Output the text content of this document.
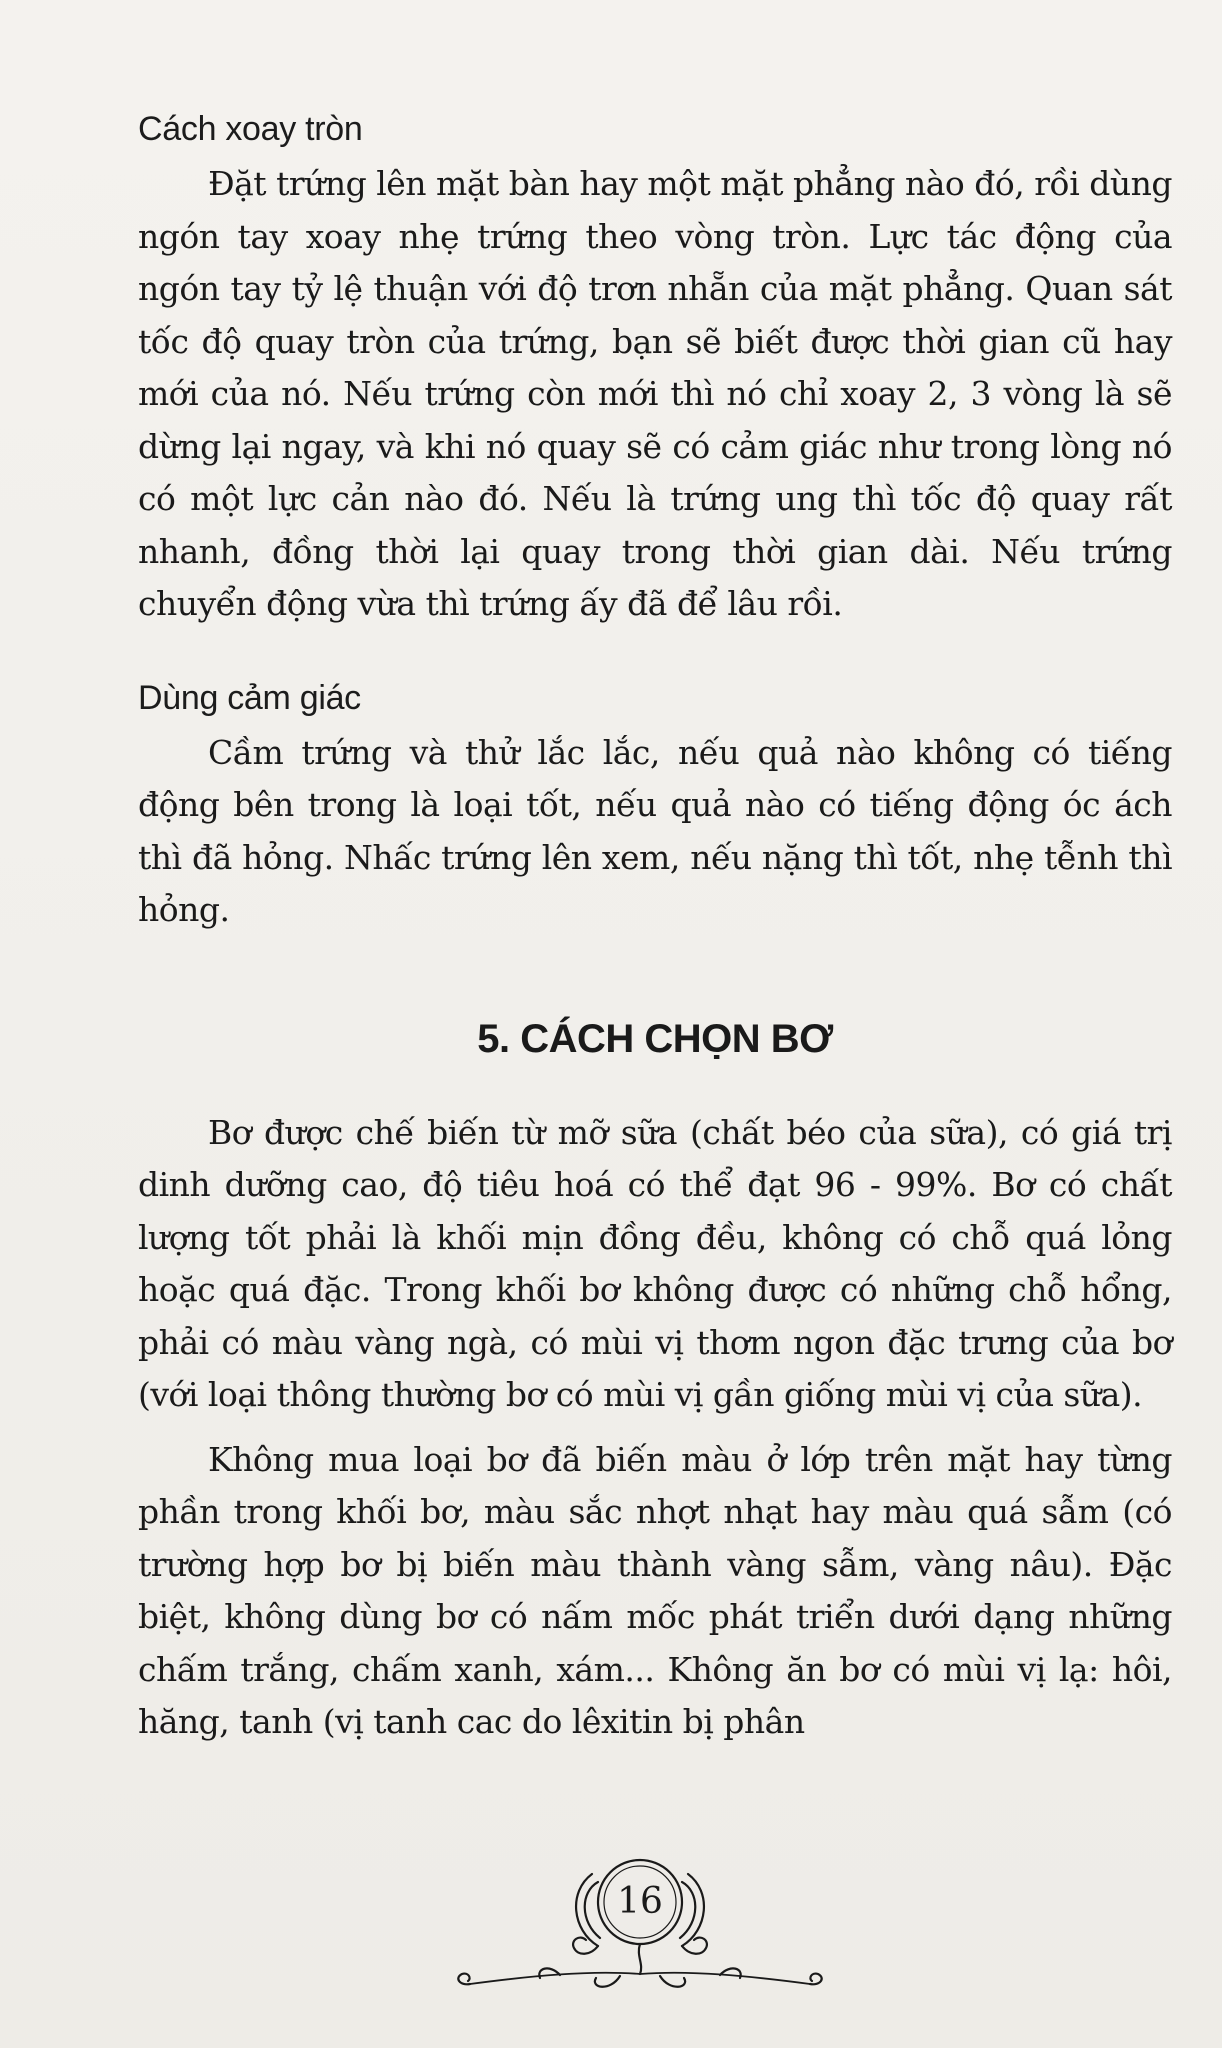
Cách xoay tròn

Đặt trứng lên mặt bàn hay một mặt phẳng nào đó, rồi dùng ngón tay xoay nhẹ trứng theo vòng tròn. Lực tác động của ngón tay tỷ lệ thuận với độ trơn nhẵn của mặt phẳng. Quan sát tốc độ quay tròn của trứng, bạn sẽ biết được thời gian cũ hay mới của nó. Nếu trứng còn mới thì nó chỉ xoay 2, 3 vòng là sẽ dừng lại ngay, và khi nó quay sẽ có cảm giác như trong lòng nó có một lực cản nào đó. Nếu là trứng ung thì tốc độ quay rất nhanh, đồng thời lại quay trong thời gian dài. Nếu trứng chuyển động vừa thì trứng ấy đã để lâu rồi.

Dùng cảm giác

Cầm trứng và thử lắc lắc, nếu quả nào không có tiếng động bên trong là loại tốt, nếu quả nào có tiếng động óc ách thì đã hỏng. Nhấc trứng lên xem, nếu nặng thì tốt, nhẹ tễnh thì hỏng.

5. CÁCH CHỌN BƠ

Bơ được chế biến từ mỡ sữa (chất béo của sữa), có giá trị dinh dưỡng cao, độ tiêu hoá có thể đạt 96 - 99%. Bơ có chất lượng tốt phải là khối mịn đồng đều, không có chỗ quá lỏng hoặc quá đặc. Trong khối bơ không được có những chỗ hổng, phải có màu vàng ngà, có mùi vị thơm ngon đặc trưng của bơ (với loại thông thường bơ có mùi vị gần giống mùi vị của sữa).

Không mua loại bơ đã biến màu ở lớp trên mặt hay từng phần trong khối bơ, màu sắc nhợt nhạt hay màu quá sẫm (có trường hợp bơ bị biến màu thành vàng sẫm, vàng nâu). Đặc biệt, không dùng bơ có nấm mốc phát triển dưới dạng những chấm trắng, chấm xanh, xám... Không ăn bơ có mùi vị lạ: hôi, hăng, tanh (vị tanh cac do lêxitin bị phân

16
